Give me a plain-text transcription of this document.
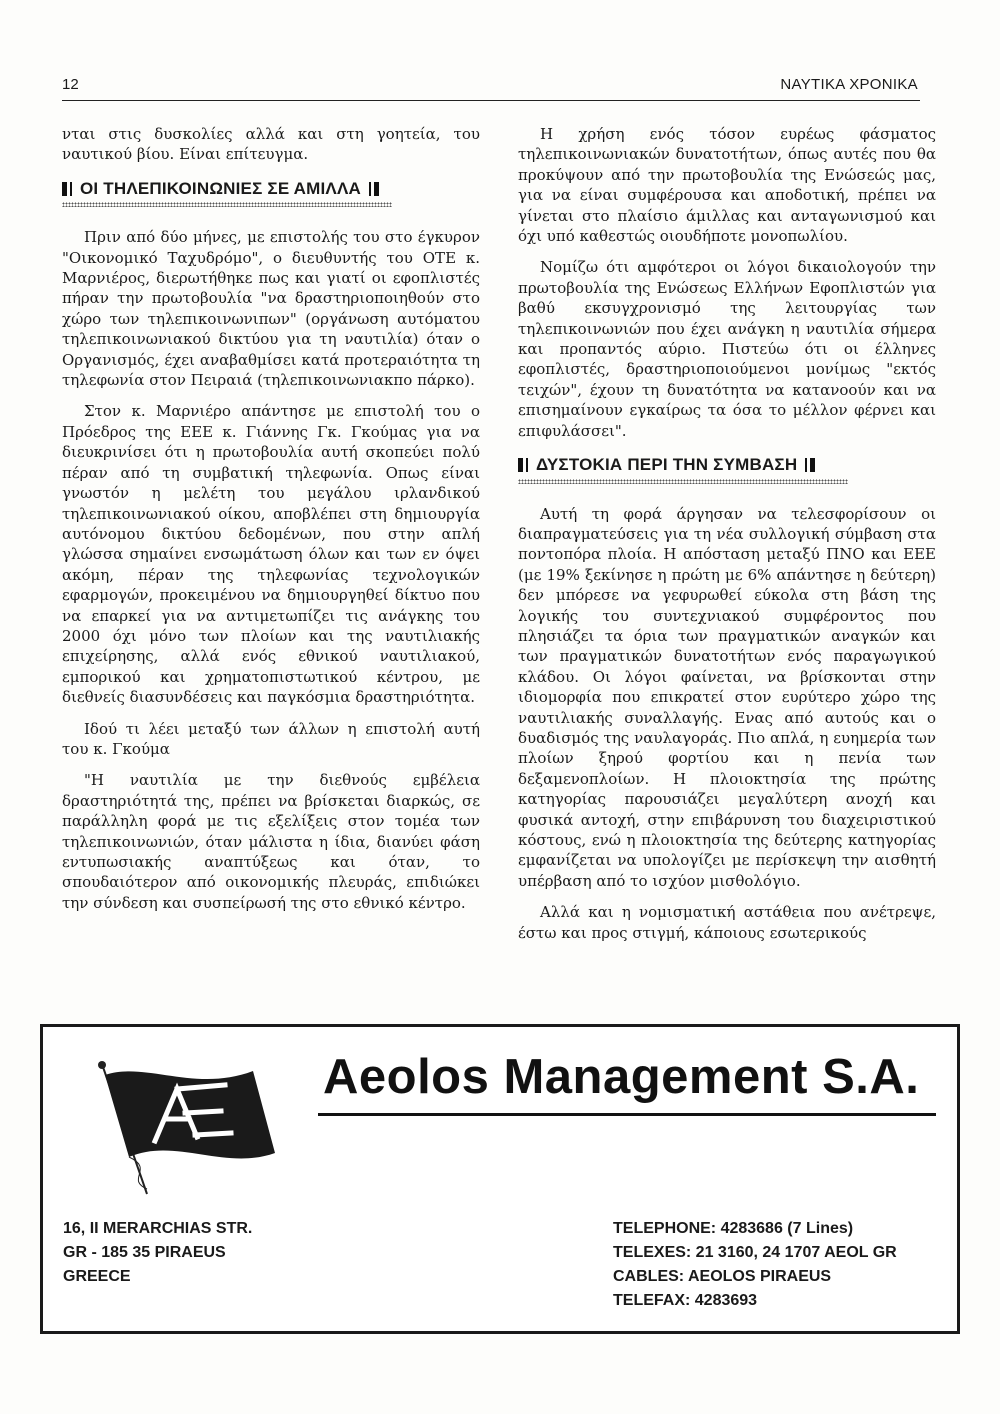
12	ΝΑΥΤΙΚΑ ΧΡΟΝΙΚΑ

νται στις δυσκολίες αλλά και στη γοητεία, του ναυτικού βίου. Είναι επίτευγμα.

ΟΙ ΤΗΛΕΠΙΚΟΙΝΩΝΙΕΣ ΣΕ ΑΜΙΛΛΑ

Πριν από δύο μήνες, με επιστολής του στο έγκυρον "Οικονομικό Ταχυδρόμο", ο διευθυντής του ΟΤΕ κ. Μαρνιέρος, διερωτήθηκε πως και γιατί οι εφοπλιστές πήραν την πρωτοβουλία "να δραστηριοποιηθούν στο χώρο των τηλεπικοινωνιπων" (οργάνωση αυτόματου τηλεπικοινωνιακού δικτύου για τη ναυτιλία) όταν ο Οργανισμός, έχει αναβαθμίσει κατά προτεραιότητα τη τηλεφωνία στον Πειραιά (τηλεπικοινωνιακπο πάρκο).

Στον κ. Μαρνιέρο απάντησε με επιστολή του ο Πρόεδρος της ΕΕΕ κ. Γιάννης Γκ. Γκούμας για να διευκρινίσει ότι η πρωτοβουλία αυτή σκοπεύει πολύ πέραν από τη συμβατική τηλεφωνία. Οπως είναι γνωστόν η μελέτη του μεγάλου ιρλανδικού τηλεπικοινωνιακού οίκου, αποβλέπει στη δημιουργία αυτόνομου δικτύου δεδομένων, που στην απλή γλώσσα σημαίνει ενσωμάτωση όλων και των εν όψει ακόμη, πέραν της τηλεφωνίας τεχνολογικών εφαρμογών, προκειμένου να δημιουργηθεί δίκτυο που να επαρκεί για να αντιμετωπίζει τις ανάγκης του 2000 όχι μόνο των πλοίων και της ναυτιλιακής επιχείρησης, αλλά ενός εθνικού ναυτιλιακού, εμπορικού και χρηματοπιστωτικού κέντρου, με διεθνείς διασυνδέσεις και παγκόσμια δραστηριότητα.

Ιδού τι λέει μεταξύ των άλλων η επιστολή αυτή του κ. Γκούμα

"Η ναυτιλία με την διεθνούς εμβέλεια δραστηριότητά της, πρέπει να βρίσκεται διαρκώς, σε παράλληλη φορά με τις εξελίξεις στον τομέα των τηλεπικοινωνιών, όταν μάλιστα η ίδια, διανύει φάση εντυπωσιακής αναπτύξεως και όταν, το σπουδαιότερον από οικονομικής πλευράς, επιδιώκει την σύνδεση και συσπείρωσή της στο εθνικό κέντρο.

Η χρήση ενός τόσον ευρέως φάσματος τηλεπικοινωνιακών δυνατοτήτων, όπως αυτές που θα προκύψουν από την πρωτοβουλία της Ενώσεώς μας, για να είναι συμφέρουσα και αποδοτική, πρέπει να γίνεται στο πλαίσιο άμιλλας και ανταγωνισμού και όχι υπό καθεστώς οιουδήποτε μονοπωλίου.

Νομίζω ότι αμφότεροι οι λόγοι δικαιολογούν την πρωτοβουλία της Ενώσεως Ελλήνων Εφοπλιστών για βαθύ εκσυγχρονισμό της λειτουργίας των τηλεπικοινωνιών που έχει ανάγκη η ναυτιλία σήμερα και προπαντός αύριο. Πιστεύω ότι οι έλληνες εφοπλιστές, δραστηριοποιούμενοι μονίμως "εκτός τειχών", έχουν τη δυνατότητα να κατανοούν και να επισημαίνουν εγκαίρως τα όσα το μέλλον φέρνει και επιφυλάσσει".

ΔΥΣΤΟΚΙΑ ΠΕΡΙ ΤΗΝ ΣΥΜΒΑΣΗ

Αυτή τη φορά άργησαν να τελεσφορίσουν οι διαπραγματεύσεις για τη νέα συλλογική σύμβαση στα ποντοπόρα πλοία. Η απόσταση μεταξύ ΠΝΟ και ΕΕΕ (με 19% ξεκίνησε η πρώτη με 6% απάντησε η δεύτερη) δεν μπόρεσε να γεφυρωθεί εύκολα στη βάση της λογικής του συντεχνιακού συμφέροντος που πλησιάζει τα όρια των πραγματικών αναγκών και των πραγματικών δυνατοτήτων ενός παραγωγικού κλάδου. Οι λόγοι φαίνεται, να βρίσκονται στην ιδιομορφία που επικρατεί στον ευρύτερο χώρο της ναυτιλιακής συναλλαγής. Ενας από αυτούς και ο δυαδισμός της ναυλαγοράς. Πιο απλά, η ευημερία των πλοίων ξηρού φορτίου και η πενία των δεξαμενοπλοίων. Η πλοιοκτησία της πρώτης κατηγορίας παρουσιάζει μεγαλύτερη ανοχή και φυσικά αντοχή, στην επιβάρυνση του διαχειριστικού κόστους, ενώ η πλοιοκτησία της δεύτερης κατηγορίας εμφανίζεται να υπολογίζει με περίσκεψη την αισθητή υπέρβαση από το ισχύον μισθολόγιο.

Αλλά και η νομισματική αστάθεια που ανέτρεψε, έστω και προς στιγμή, κάποιους εσωτερικούς

Aeolos Management S.A.
16, II MERARCHIAS STR.
GR - 185 35 PIRAEUS
GREECE
TELEPHONE: 4283686 (7 Lines)
TELEXES: 21 3160, 24 1707 AEOL GR
CABLES: AEOLOS PIRAEUS
TELEFAX: 4283693
